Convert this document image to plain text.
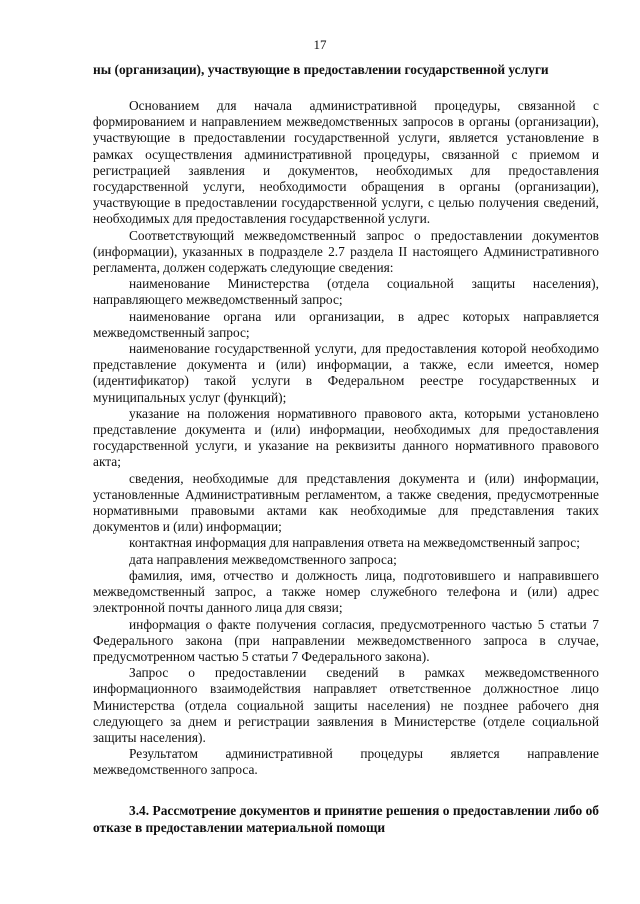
17
ны (организации), участвующие в предоставлении государственной услуги

Основанием для начала административной процедуры, связанной с формированием и направлением межведомственных запросов в органы (организации), участвующие в предоставлении государственной услуги, является установление в рамках осуществления административной процедуры, связанной с приемом и регистрацией заявления и документов, необходимых для предоставления государственной услуги, необходимости обращения в органы (организации), участвующие в предоставлении государственной услуги, с целью получения сведений, необходимых для предоставления государственной услуги.

Соответствующий межведомственный запрос о предоставлении документов (информации), указанных в подразделе 2.7 раздела II настоящего Административного регламента, должен содержать следующие сведения:

наименование Министерства (отдела социальной защиты населения), направляющего межведомственный запрос;

наименование органа или организации, в адрес которых направляется межведомственный запрос;

наименование государственной услуги, для предоставления которой необходимо представление документа и (или) информации, а также, если имеется, номер (идентификатор) такой услуги в Федеральном реестре государственных и муниципальных услуг (функций);

указание на положения нормативного правового акта, которыми установлено представление документа и (или) информации, необходимых для предоставления государственной услуги, и указание на реквизиты данного нормативного правового акта;

сведения, необходимые для представления документа и (или) информации, установленные Административным регламентом, а также сведения, предусмотренные нормативными правовыми актами как необходимые для представления таких документов и (или) информации;

контактная информация для направления ответа на межведомственный запрос;

дата направления межведомственного запроса;

фамилия, имя, отчество и должность лица, подготовившего и направившего межведомственный запрос, а также номер служебного телефона и (или) адрес электронной почты данного лица для связи;

информация о факте получения согласия, предусмотренного частью 5 статьи 7 Федерального закона (при направлении межведомственного запроса в случае, предусмотренном частью 5 статьи 7 Федерального закона).

Запрос о предоставлении сведений в рамках межведомственного информационного взаимодействия направляет ответственное должностное лицо Министерства (отдела социальной защиты населения) не позднее рабочего дня следующего за днем и регистрации заявления в Министерстве (отделе социальной защиты населения).

Результатом административной процедуры является направление межведомственного запроса.

3.4. Рассмотрение документов и принятие решения о предоставлении либо об отказе в предоставлении материальной помощи
